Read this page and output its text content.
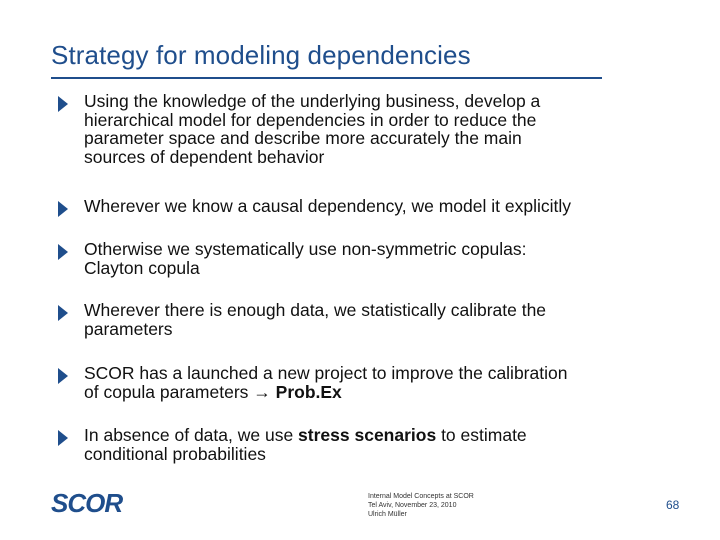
Strategy for modeling dependencies
Using the knowledge of the underlying business, develop a
hierarchical model for dependencies in order to reduce the
parameter space and describe more accurately the main
sources of dependent behavior
Wherever we know a causal dependency, we model it explicitly
Otherwise we systematically use non-symmetric copulas:
Clayton copula
Wherever there is enough data, we statistically calibrate the
parameters
SCOR has a launched a new project to improve the calibration
of copula parameters → Prob.Ex
In absence of data, we use stress scenarios to estimate
conditional probabilities
SCOR	Internal Model Concepts at SCOR
Tel Aviv, November 23, 2010
Ulrich Müller
68
